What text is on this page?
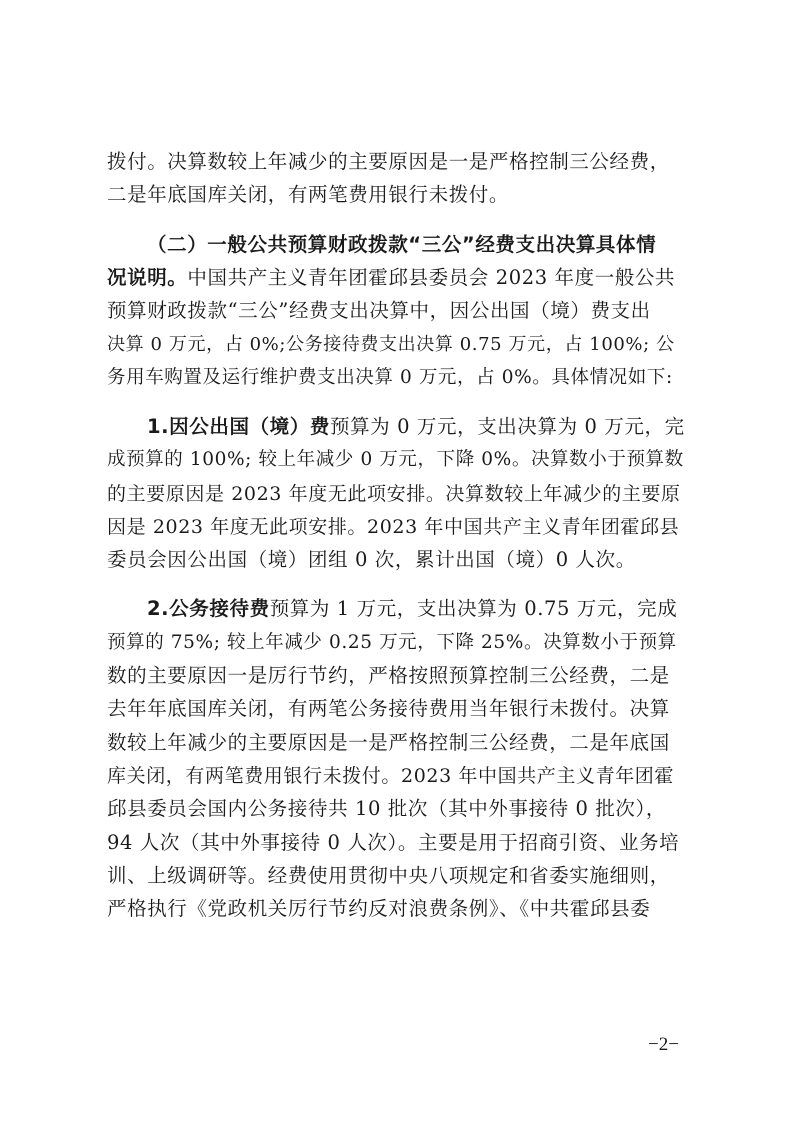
拨付。决算数较上年减少的主要原因是一是严格控制三公经费，
二是年底国库关闭，有两笔费用银行未拨付。
（二）一般公共预算财政拨款“三公”经费支出决算具体情
况说明。中国共产主义青年团霍邱县委员会 2023 年度一般公共
预算财政拨款“三公”经费支出决算中，因公出国（境）费支出
决算 0 万元，占 0%;公务接待费支出决算 0.75 万元，占 100%; 公
务用车购置及运行维护费支出决算 0 万元，占 0%。具体情况如下:
1.因公出国（境）费预算为 0 万元，支出决算为 0 万元，完
成预算的 100%; 较上年减少 0 万元，下降 0%。决算数小于预算数
的主要原因是 2023 年度无此项安排。决算数较上年减少的主要原
因是 2023 年度无此项安排。2023 年中国共产主义青年团霍邱县
委员会因公出国（境）团组 0 次，累计出国（境）0 人次。
2.公务接待费预算为 1 万元，支出决算为 0.75 万元，完成
预算的 75%; 较上年减少 0.25 万元，下降 25%。决算数小于预算
数的主要原因一是厉行节约，严格按照预算控制三公经费，二是
去年年底国库关闭，有两笔公务接待费用当年银行未拨付。决算
数较上年减少的主要原因是一是严格控制三公经费，二是年底国
库关闭，有两笔费用银行未拨付。2023 年中国共产主义青年团霍
邱县委员会国内公务接待共 10 批次（其中外事接待 0 批次），
94 人次（其中外事接待 0 人次）。主要是用于招商引资、业务培
训、上级调研等。经费使用贯彻中央八项规定和省委实施细则，
严格执行《党政机关厉行节约反对浪费条例》、《中共霍邱县委
−2−
